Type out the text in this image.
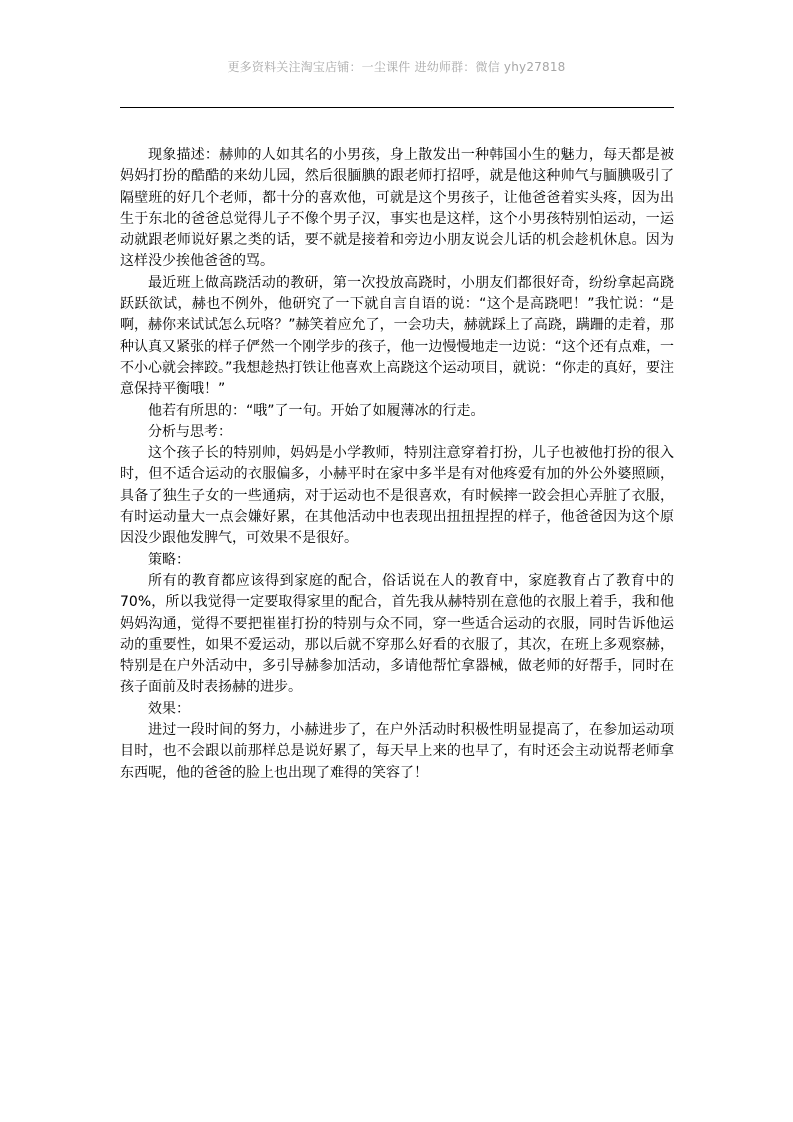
更多资料关注淘宝店铺：一尘课件 进幼师群：微信 yhy27818

现象描述：赫帅的人如其名的小男孩，身上散发出一种韩国小生的魅力，每天都是被妈妈打扮的酷酷的来幼儿园，然后很腼腆的跟老师打招呼，就是他这种帅气与腼腆吸引了隔壁班的好几个老师，都十分的喜欢他，可就是这个男孩子，让他爸爸着实头疼，因为出生于东北的爸爸总觉得儿子不像个男子汉，事实也是这样，这个小男孩特别怕运动，一运动就跟老师说好累之类的话，要不就是接着和旁边小朋友说会儿话的机会趁机休息。因为这样没少挨他爸爸的骂。

最近班上做高跷活动的教研，第一次投放高跷时，小朋友们都很好奇，纷纷拿起高跷跃跃欲试，赫也不例外，他研究了一下就自言自语的说：“这个是高跷吧！”我忙说：“是啊，赫你来试试怎么玩咯？”赫笑着应允了，一会功夫，赫就踩上了高跷，蹒跚的走着，那种认真又紧张的样子俨然一个刚学步的孩子，他一边慢慢地走一边说：“这个还有点难，一不小心就会摔跤。”我想趁热打铁让他喜欢上高跷这个运动项目，就说：“你走的真好，要注意保持平衡哦！”

他若有所思的：“哦”了一句。开始了如履薄冰的行走。

分析与思考：

这个孩子长的特别帅，妈妈是小学教师，特别注意穿着打扮，儿子也被他打扮的很入时，但不适合运动的衣服偏多，小赫平时在家中多半是有对他疼爱有加的外公外婆照顾，具备了独生子女的一些通病，对于运动也不是很喜欢，有时候摔一跤会担心弄脏了衣服，有时运动量大一点会嫌好累，在其他活动中也表现出扭扭捏捏的样子，他爸爸因为这个原因没少跟他发脾气，可效果不是很好。

策略：

所有的教育都应该得到家庭的配合，俗话说在人的教育中，家庭教育占了教育中的 70%，所以我觉得一定要取得家里的配合，首先我从赫特别在意他的衣服上着手，我和他妈妈沟通，觉得不要把崔崔打扮的特别与众不同，穿一些适合运动的衣服，同时告诉他运动的重要性，如果不爱运动，那以后就不穿那么好看的衣服了，其次，在班上多观察赫，特别是在户外活动中，多引导赫参加活动，多请他帮忙拿器械，做老师的好帮手，同时在孩子面前及时表扬赫的进步。

效果：

进过一段时间的努力，小赫进步了，在户外活动时积极性明显提高了，在参加运动项目时，也不会跟以前那样总是说好累了，每天早上来的也早了，有时还会主动说帮老师拿东西呢，他的爸爸的脸上也出现了难得的笑容了！
